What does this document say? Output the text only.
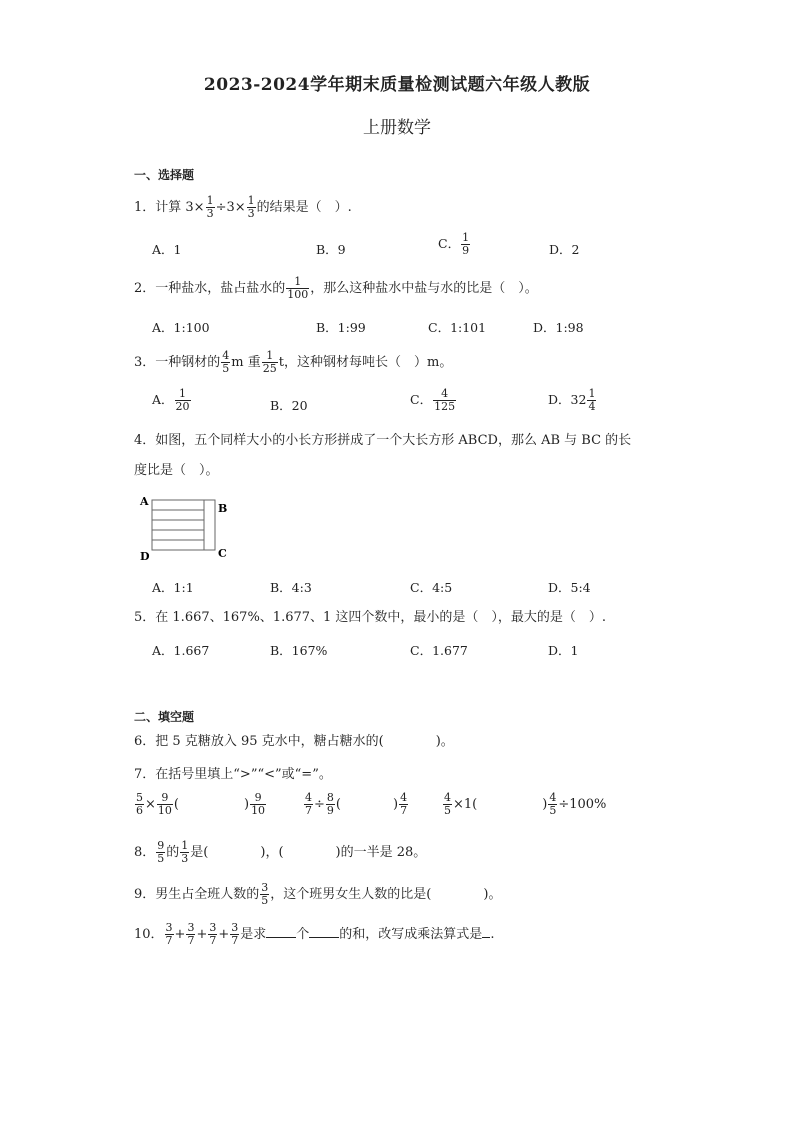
2023-2024学年期末质量检测试题六年级人教版
上册数学
一、选择题
1．计算 $3\times \frac{1}{3} \div 3\times \frac{1}{3}$ 的结果是（　）.
A．1	B．9	C． $\frac{1}{9}$	D．2
2．一种盐水，盐占盐水的 $\frac{1}{100}$ ，那么这种盐水中盐与水的比是（　）。
A．1:100	B．1:99	C．1:101	D．1:98
3．一种钢材的 $\frac{4}{5}$ m 重 $\frac{1}{25}$ t，这种钢材每吨长（　）m。
A． $\frac{1}{20}$	B．20	C． $\frac{4}{125}$	D．$32 \frac{1}{4}$
4．如图，五个同样大小的小长方形拼成了一个大长方形 ABCD，那么 AB 与 BC 的长
度比是（　）。
A
B
C
D
A．1:1	B．4:3	C．4:5	D．5:4
5．在 1.667、167%、1.677、1 这四个数中，最小的是（　），最大的是（　）.
A．1.667	B．167%	C．1.677	D．1
二、填空题
6．把 5 克糖放入 95 克水中，糖占糖水的(　　　　)。
7．在括号里填上“>”“<”或“=”。
$\frac{5}{6} \times \frac{9}{10}$ (　　　　　) $\frac{9}{10}$	$\frac{4}{7} \div \frac{8}{9}$ (　　　　) $\frac{4}{7}$	$\frac{4}{5} \times 1$(　　　　　) $\frac{4}{5} \div 100\%$
8． $\frac{9}{5}$ 的 $\frac{1}{3}$ 是(　　　　)，(　　　　)的一半是 28。
9．男生占全班人数的 $\frac{3}{5}$ ，这个班男女生人数的比是(　　　　)。
10． $\frac{3}{7} + \frac{3}{7} + \frac{3}{7} + \frac{3}{7}$ 是求 个 的和，改写成乘法算式是 .
